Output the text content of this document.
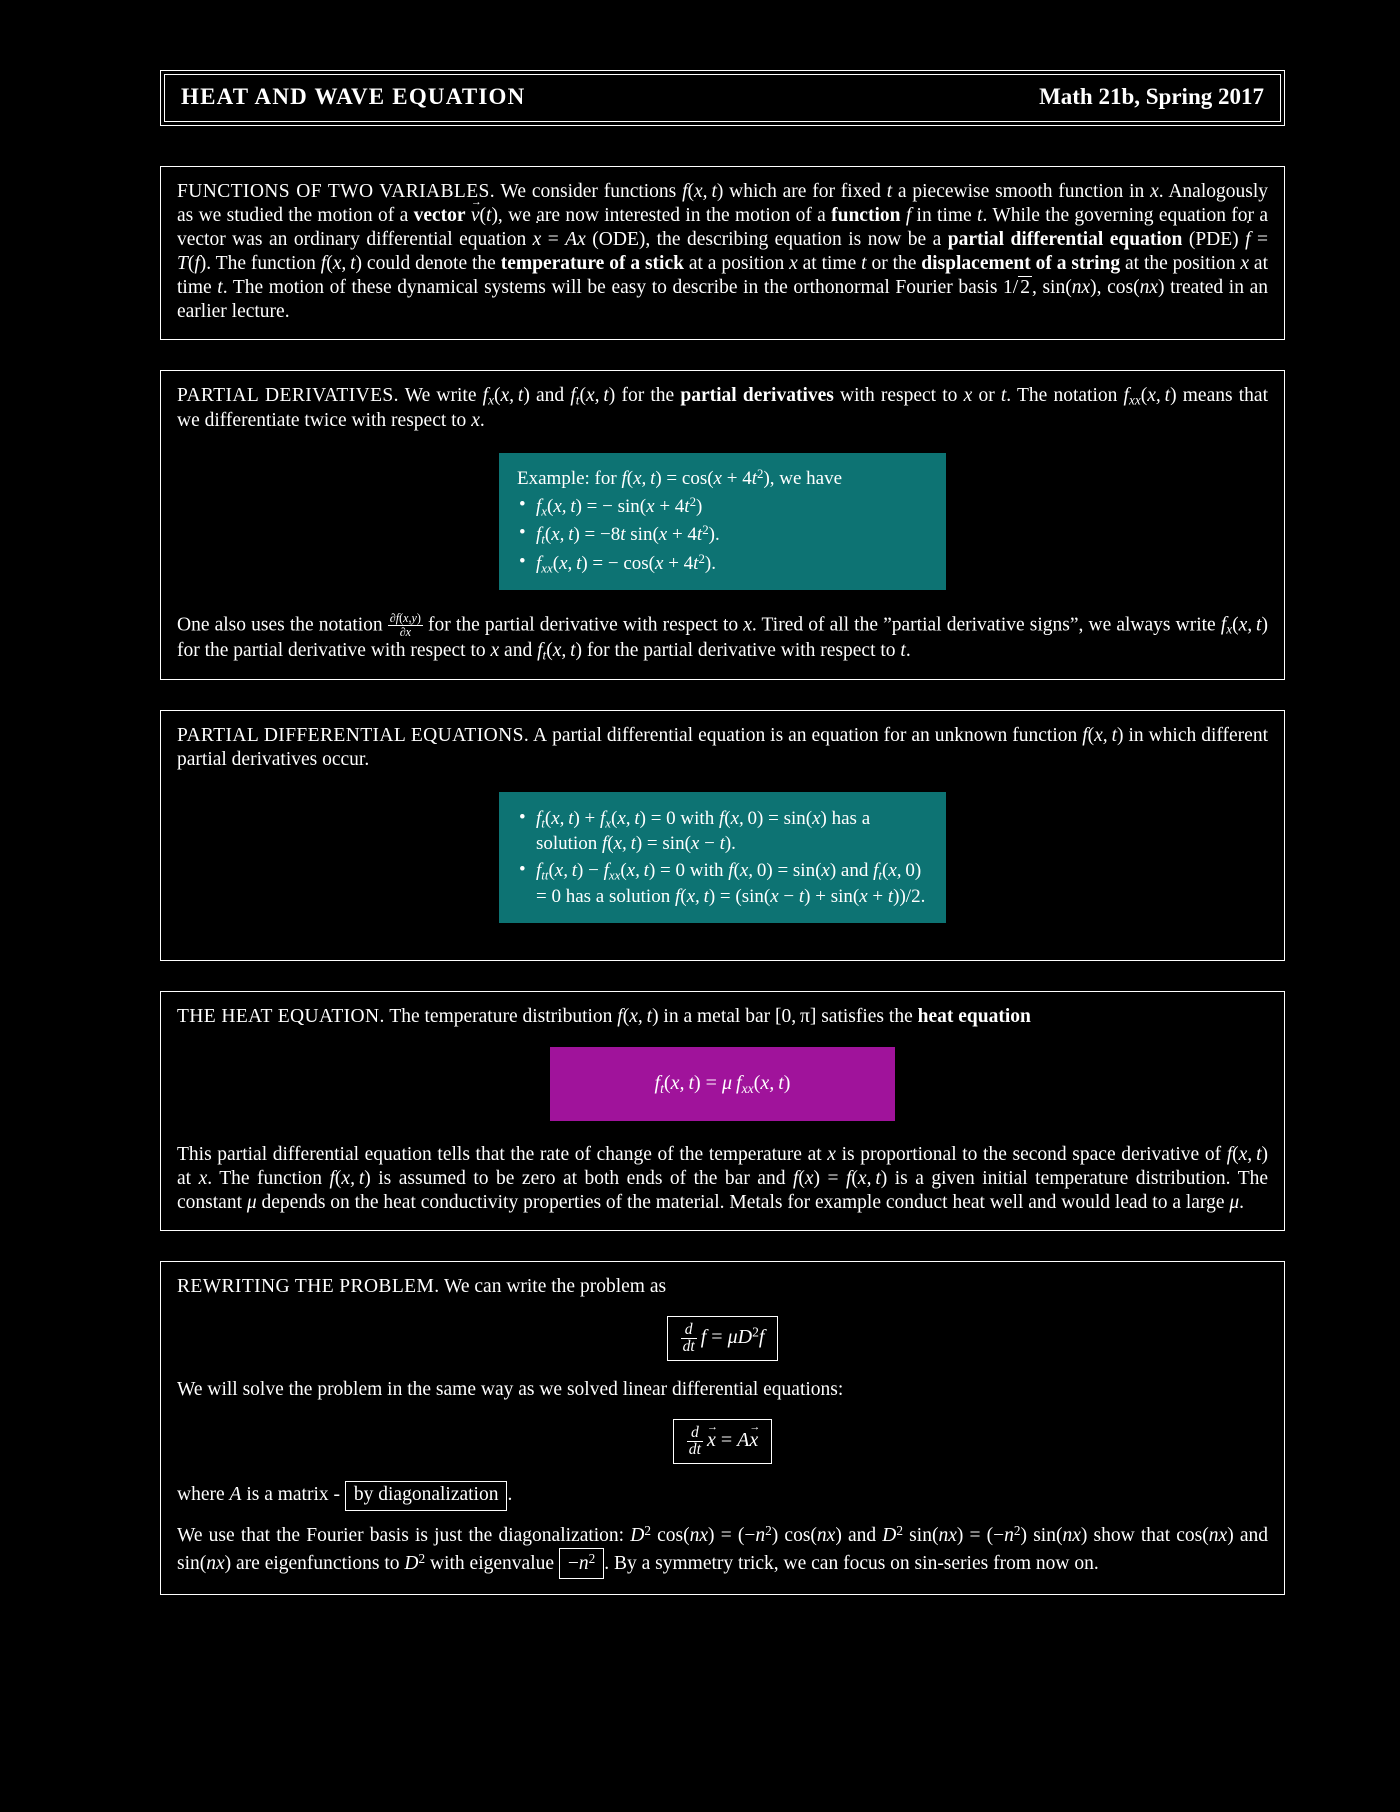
HEAT AND WAVE EQUATION	Math 21b, Spring 2017

FUNCTIONS OF TWO VARIABLES. We consider functions f(x, t) which are for fixed t a piecewise smooth function in x. Analogously as we studied the motion of a vector v →(t), we are now interested in the motion of a function f in time t. While the governing equation for a vector was an ordinary differential equation x ˙ = Ax (ODE), the describing equation is now be a partial differential equation (PDE) f ˙ = T(f). The function f(x, t) could denote the temperature of a stick at a position x at time t or the displacement of a string at the position x at time t. The motion of these dynamical systems will be easy to describe in the orthonormal Fourier basis 1/ 2 , sin(nx), cos(nx) treated in an earlier lecture.

PARTIAL DERIVATIVES. We write $f_x(x$, t) and $f_t(x$, t) for the partial derivatives with respect to x or t. The notation $f_{xx}(x$, t) means that we differentiate twice with respect to x.

Example: for f(x, $t) = \cos(x + 4t^2)$, we have
• $f_x(x$, t) = − $\sin(x + 4t^2)$
• $f_t(x$, t) = −8t $\sin(x + 4t^2)$.
• $f_{xx}(x$, t) = − $\cos(x + 4t^2)$.

One also uses the notation $\frac{\partial f(x,y)}{\partial x}$ for the partial derivative with respect to x. Tired of all the ”partial derivative signs”, we always write $f_x(x$, t) for the partial derivative with respect to x and $f_t(x$, t) for the partial derivative with respect to t.

PARTIAL DIFFERENTIAL EQUATIONS. A partial differential equation is an equation for an unknown function f(x, t) in which different partial derivatives occur.

• $f_t(x$, $t) + f_x(x$, t) = 0 with f(x, 0) = sin(x) has a solution f(x, t) = sin(x − t).
• $f_{tt}(x$, $t) - f_{xx}(x$, t) = 0 with f(x, 0) = sin(x) and $f_t(x$, 0) = 0 has a solution f(x, t) = (sin(x − t) + sin(x + t))/2.

THE HEAT EQUATION. The temperature distribution f(x, t) in a metal bar [0, π] satisfies the heat equation

$f_t(x$, t) = μ  $f_{xx}(x$, t)

This partial differential equation tells that the rate of change of the temperature at x is proportional to the second space derivative of f(x, t) at x. The function f(x, t) is assumed to be zero at both ends of the bar and f(x) = f(x, t) is a given initial temperature distribution. The constant μ depends on the heat conductivity properties of the material. Metals for example conduct heat well and would lead to a large μ.

REWRITING THE PROBLEM. We can write the problem as

$\frac{d}{dt}$
  $f = \mu D^2f$

We will solve the problem in the same way as we solved linear differential equations:

$\frac{d}{dt}$
  x → = Ax →

where A is a matrix - by diagonalization .

We use that the Fourier basis is just the diagonalization: $D^2$ $\cos(nx) = (-n^2)$ cos(nx) and $D^2$ $\sin(nx) = (-n^2)$ sin(nx) show that cos(nx) and sin(nx) are eigenfunctions to $D^2$ with eigenvalue $-n^2$ . By a symmetry trick, we can focus on sin-series from now on.
